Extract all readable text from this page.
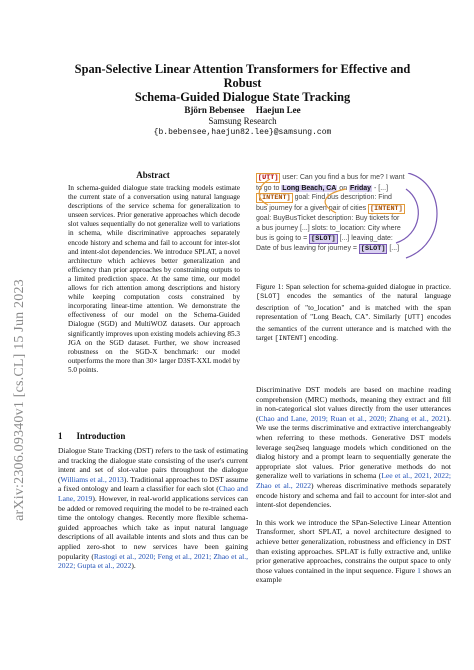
arXiv:2306.09340v1 [cs.CL] 15 Jun 2023
Span-Selective Linear Attention Transformers for Effective and Robust
Schema-Guided Dialogue State Tracking
Björn Bebensee     Haejun Lee
Samsung Research
{b.bebensee,haejun82.lee}@samsung.com
Abstract

In schema-guided dialogue state tracking models estimate the current state of a conversation using natural language descriptions of the service schema for generalization to unseen services. Prior generative approaches which decode slot values sequentially do not generalize well to variations in schema, while discriminative approaches separately encode history and schema and fail to account for inter-slot and intent-slot dependencies. We introduce SPLAT, a novel architecture which achieves better generalization and efficiency than prior approaches by constraining outputs to a limited prediction space. At the same time, our model allows for rich attention among descriptions and history while keeping computation costs constrained by incorporating linear-time attention. We demonstrate the effectiveness of our model on the Schema-Guided Dialogue (SGD) and MultiWOZ datasets. Our approach significantly improves upon existing models achieving 85.3 JGA on the SGD dataset. Further, we show increased robustness on the SGD-X benchmark: our model outperforms the more than 30× larger D3ST-XXL model by 5.0 points.

1 Introduction

Dialogue State Tracking (DST) refers to the task of estimating and tracking the dialogue state consisting of the user's current intent and set of slot-value pairs throughout the dialogue (Williams et al., 2013). Traditional approaches to DST assume a fixed ontology and learn a classifier for each slot (Chao and Lane, 2019). However, in real-world applications services can be added or removed requiring the model to be re-trained each time the ontology changes. Recently more flexible schema-guided approaches which take as input natural language descriptions of all available intents and slots and thus can be applied zero-shot to new services have been gaining popularity (Rastogi et al., 2020; Feng et al., 2021; Zhao et al., 2022; Gupta et al., 2022).

[UTT] user: Can you find a bus for me? I want
to go to Long Beach, CA on Friday - [...]
[INTENT] goal: Find bus description: Find
bus journey for a given pair of cities [INTENT]
goal: BuyBusTicket description: Buy tickets for
a bus journey [...] slots: to_location: City where
bus is going to = [SLOT] [...] leaving_date:
Date of bus leaving for journey = [SLOT] [...]

Figure 1: Span selection for schema-guided dialogue in practice. [SLOT] encodes the semantics of the natural language description of "to_location" and is matched with the span representation of "Long Beach, CA". Similarly [UTT] encodes the semantics of the current utterance and is matched with the target [INTENT] encoding.

Discriminative DST models are based on machine reading comprehension (MRC) methods, meaning they extract and fill in non-categorical slot values directly from the user utterances (Chao and Lane, 2019; Ruan et al., 2020; Zhang et al., 2021). We use the terms discriminative and extractive interchangeably when referring to these methods. Generative DST models leverage seq2seq language models which conditioned on the dialog history and a prompt learn to sequentially generate the appropriate slot values. Prior generative methods do not generalize well to variations in schema (Lee et al., 2021, 2022; Zhao et al., 2022) whereas discriminative methods separately encode history and schema and fail to account for inter-slot and intent-slot dependencies.

In this work we introduce the SPan-Selective Linear Attention Transformer, short SPLAT, a novel architecture designed to achieve better generalization, robustness and efficiency in DST than existing approaches. SPLAT is fully extractive and, unlike prior generative approaches, constrains the output space to only those values contained in the input sequence. Figure 1 shows an example
